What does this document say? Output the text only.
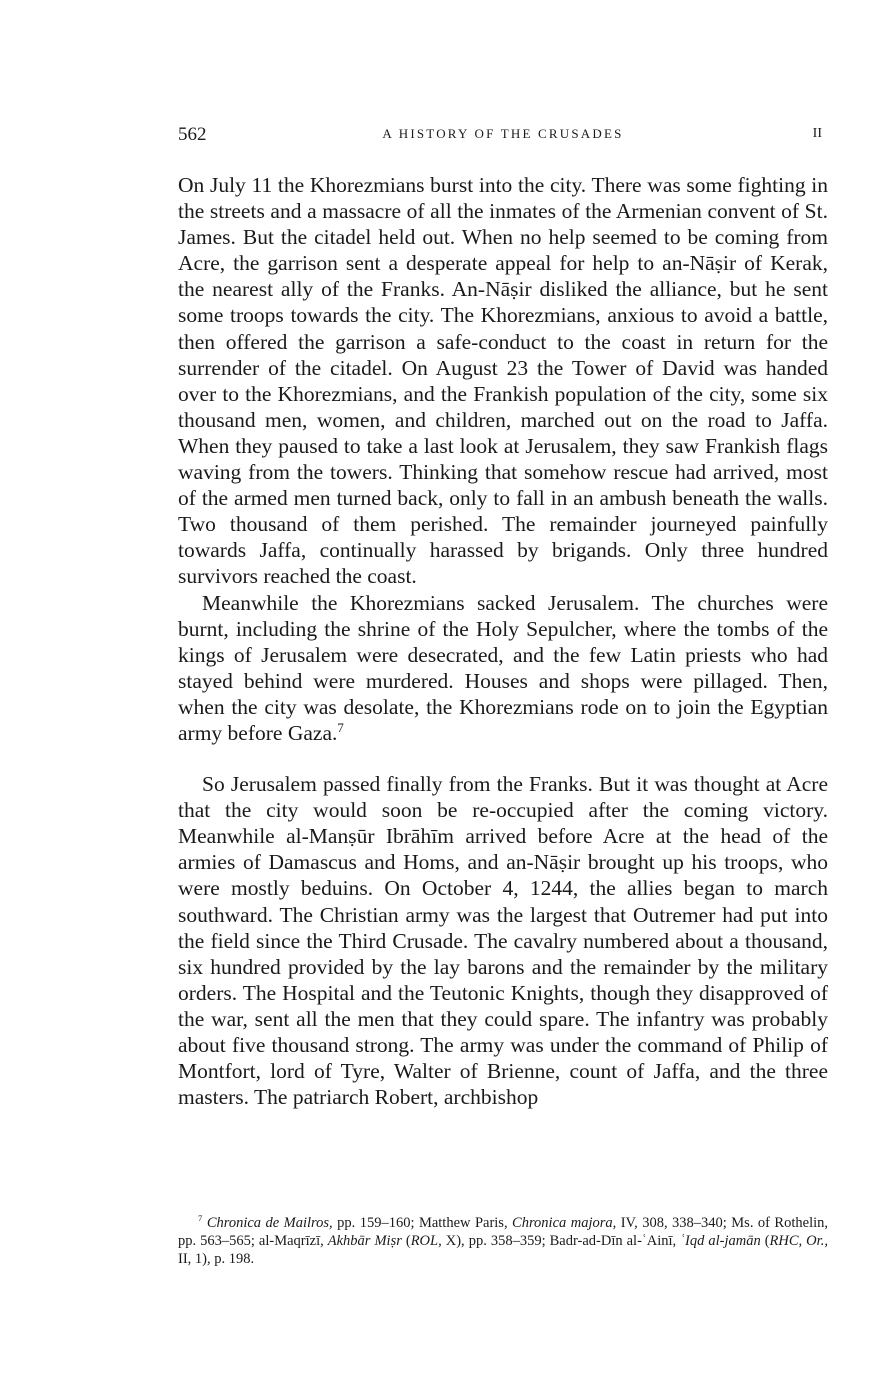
562	A HISTORY OF THE CRUSADES	II

On July 11 the Khorezmians burst into the city. There was some fighting in the streets and a massacre of all the inmates of the Armenian convent of St. James. But the citadel held out. When no help seemed to be coming from Acre, the garrison sent a desperate appeal for help to an-Nāṣir of Kerak, the nearest ally of the Franks. An-Nāṣir disliked the alliance, but he sent some troops towards the city. The Khorezmians, anxious to avoid a battle, then offered the garrison a safe-conduct to the coast in return for the surrender of the citadel. On August 23 the Tower of David was handed over to the Khorezmians, and the Frankish population of the city, some six thousand men, women, and children, marched out on the road to Jaffa. When they paused to take a last look at Jerusalem, they saw Frankish flags waving from the towers. Thinking that somehow rescue had arrived, most of the armed men turned back, only to fall in an ambush beneath the walls. Two thousand of them perished. The remainder journeyed painfully towards Jaffa, continually harassed by brigands. Only three hundred survivors reached the coast.

Meanwhile the Khorezmians sacked Jerusalem. The churches were burnt, including the shrine of the Holy Sepulcher, where the tombs of the kings of Jerusalem were desecrated, and the few Latin priests who had stayed behind were murdered. Houses and shops were pillaged. Then, when the city was desolate, the Khorezmians rode on to join the Egyptian army before Gaza.$^7$

So Jerusalem passed finally from the Franks. But it was thought at Acre that the city would soon be re-occupied after the coming victory. Meanwhile al-Manṣūr Ibrāhīm arrived before Acre at the head of the armies of Damascus and Homs, and an-Nāṣir brought up his troops, who were mostly beduins. On October 4, 1244, the allies began to march southward. The Christian army was the largest that Outremer had put into the field since the Third Crusade. The cavalry numbered about a thousand, six hundred provided by the lay barons and the remainder by the military orders. The Hospital and the Teutonic Knights, though they disapproved of the war, sent all the men that they could spare. The infantry was probably about five thousand strong. The army was under the command of Philip of Montfort, lord of Tyre, Walter of Brienne, count of Jaffa, and the three masters. The patriarch Robert, archbishop

$^7$ Chronica de Mailros, pp. 159–160; Matthew Paris, Chronica majora, IV, 308, 338–340; Ms. of Rothelin, pp. 563–565; al-Maqrīzī, Akhbār Miṣr (ROL, X), pp. 358–359; Badr-ad-Dīn al-ʿAinī, ʿIqd al-jamān (RHC, Or., II, 1), p. 198.
